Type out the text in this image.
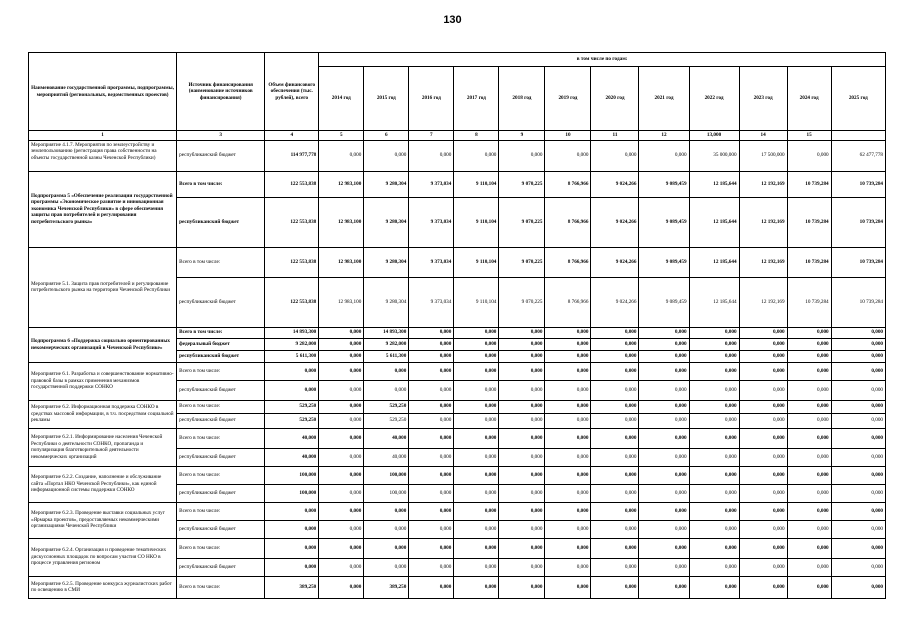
130
Наименование государственной программы, подпрограммы, мероприятий (региональных, ведомственных проектов)	Источник финансирования (наименование источников финансирования)	Объем финансового обеспечения (тыс. рублей), всего	в том числе по годам:											
			2014 год	2015 год	2016 год	2017 год	2018 год	2019 год	2020 год	2021 год	2022 год	2023 год	2024 год	2025 год
1	3	4	5	6	7	8	9	10	11	12	13,000	14	15	

Мероприятие 4.1.7. Мероприятия по землеустройству и землепользованию (регистрация права собственности на объекты государственной казны Чеченской Республики)	республиканский бюджет	114 977,778	0,000	0,000	0,000	0,000	0,000	0,000	0,000	0,000	35 000,000	17 500,000	0,000	62 477,778

Подпрограмма 5 «Обеспечение реализации государственной программы «Экономическое развитие и инновационная экономика Чеченской Республики» в сфере обеспечения защиты прав потребителей и регулирования потребительского рынка»	Всего в том числе:	122 553,838	12 983,100	9 280,304	9 373,034	9 110,104	9 070,225	8 766,966	9 024,266	9 089,459	12 185,644	12 192,169	10 739,284	10 739,284
	республиканский бюджет	122 553,838	12 983,100	9 280,304	9 373,034	9 110,104	9 070,225	8 766,966	9 024,266	9 089,459	12 185,644	12 192,169	10 739,284	10 739,284

Мероприятие 5.1. Защита прав потребителей и регулирование потребительского рынка на территории Чеченской Республики	Всего в том числе:	122 553,838	12 983,100	9 280,304	9 373,034	9 110,104	9 070,225	8 766,966	9 024,266	9 089,459	12 185,644	12 192,169	10 739,284	10 739,284
	республиканский бюджет	122 553,838	12 983,100	9 280,304	9 373,034	9 110,104	9 070,225	8 766,966	9 024,266	9 089,459	12 185,644	12 192,169	10 739,284	10 739,284

Подпрограмма 6 «Поддержка социально ориентированных некоммерческих организаций в Чеченской Республике»	Всего в том числе:	14 893,300	0,000	14 893,300	0,000	0,000	0,000	0,000	0,000	0,000	0,000	0,000	0,000	0,000
	федеральный бюджет	9 282,000	0,000	9 282,000	0,000	0,000	0,000	0,000	0,000	0,000	0,000	0,000	0,000	0,000
	республиканский бюджет	5 611,300	0,000	5 611,300	0,000	0,000	0,000	0,000	0,000	0,000	0,000	0,000	0,000	0,000

Мероприятие 6.1. Разработка и совершенствование нормативно-правовой базы в рамках применения механизмов государственной поддержки СОНКО	Всего в том числе:	0,000	0,000	0,000	0,000	0,000	0,000	0,000	0,000	0,000	0,000	0,000	0,000	0,000
	республиканский бюджет	0,000	0,000	0,000	0,000	0,000	0,000	0,000	0,000	0,000	0,000	0,000	0,000	0,000

Мероприятие 6.2. Информационная поддержка СОНКО в средствах массовой информации, в т.ч. посредством социальной рекламы	Всего в том числе:	529,250	0,000	529,250	0,000	0,000	0,000	0,000	0,000	0,000	0,000	0,000	0,000	0,000
	республиканский бюджет	529,250	0,000	529,250	0,000	0,000	0,000	0,000	0,000	0,000	0,000	0,000	0,000	0,000

Мероприятие 6.2.1. Информирование населения Чеченской Республики о деятельности СОНКО, пропаганда и популяризация благотворительной деятельности некоммерческих организаций	Всего в том числе:	40,000	0,000	40,000	0,000	0,000	0,000	0,000	0,000	0,000	0,000	0,000	0,000	0,000
	республиканский бюджет	40,000	0,000	40,000	0,000	0,000	0,000	0,000	0,000	0,000	0,000	0,000	0,000	0,000

Мероприятие 6.2.2. Создание, наполнение и обслуживание сайта «Портал НКО Чеченской Республики», как единой информационной системы поддержки СОНКО	Всего в том числе:	100,000	0,000	100,000	0,000	0,000	0,000	0,000	0,000	0,000	0,000	0,000	0,000	0,000
	республиканский бюджет	100,000	0,000	100,000	0,000	0,000	0,000	0,000	0,000	0,000	0,000	0,000	0,000	0,000

Мероприятие 6.2.3. Проведение выставки социальных услуг «Ярмарка проектов», предоставляемых некоммерческими организациями Чеченской Республики	Всего в том числе:	0,000	0,000	0,000	0,000	0,000	0,000	0,000	0,000	0,000	0,000	0,000	0,000	0,000
	республиканский бюджет	0,000	0,000	0,000	0,000	0,000	0,000	0,000	0,000	0,000	0,000	0,000	0,000	0,000

Мероприятие 6.2.4. Организация и проведение тематических дискуссионных площадок по вопросам участия СО НКО в процессе управления регионом	Всего в том числе:	0,000	0,000	0,000	0,000	0,000	0,000	0,000	0,000	0,000	0,000	0,000	0,000	0,000
	республиканский бюджет	0,000	0,000	0,000	0,000	0,000	0,000	0,000	0,000	0,000	0,000	0,000	0,000	0,000

Мероприятие 6.2.5. Проведение конкурса журналистских работ по освещению в СМИ	Всего в том числе:	389,250	0,000	389,250	0,000	0,000	0,000	0,000	0,000	0,000	0,000	0,000	0,000	0,000
